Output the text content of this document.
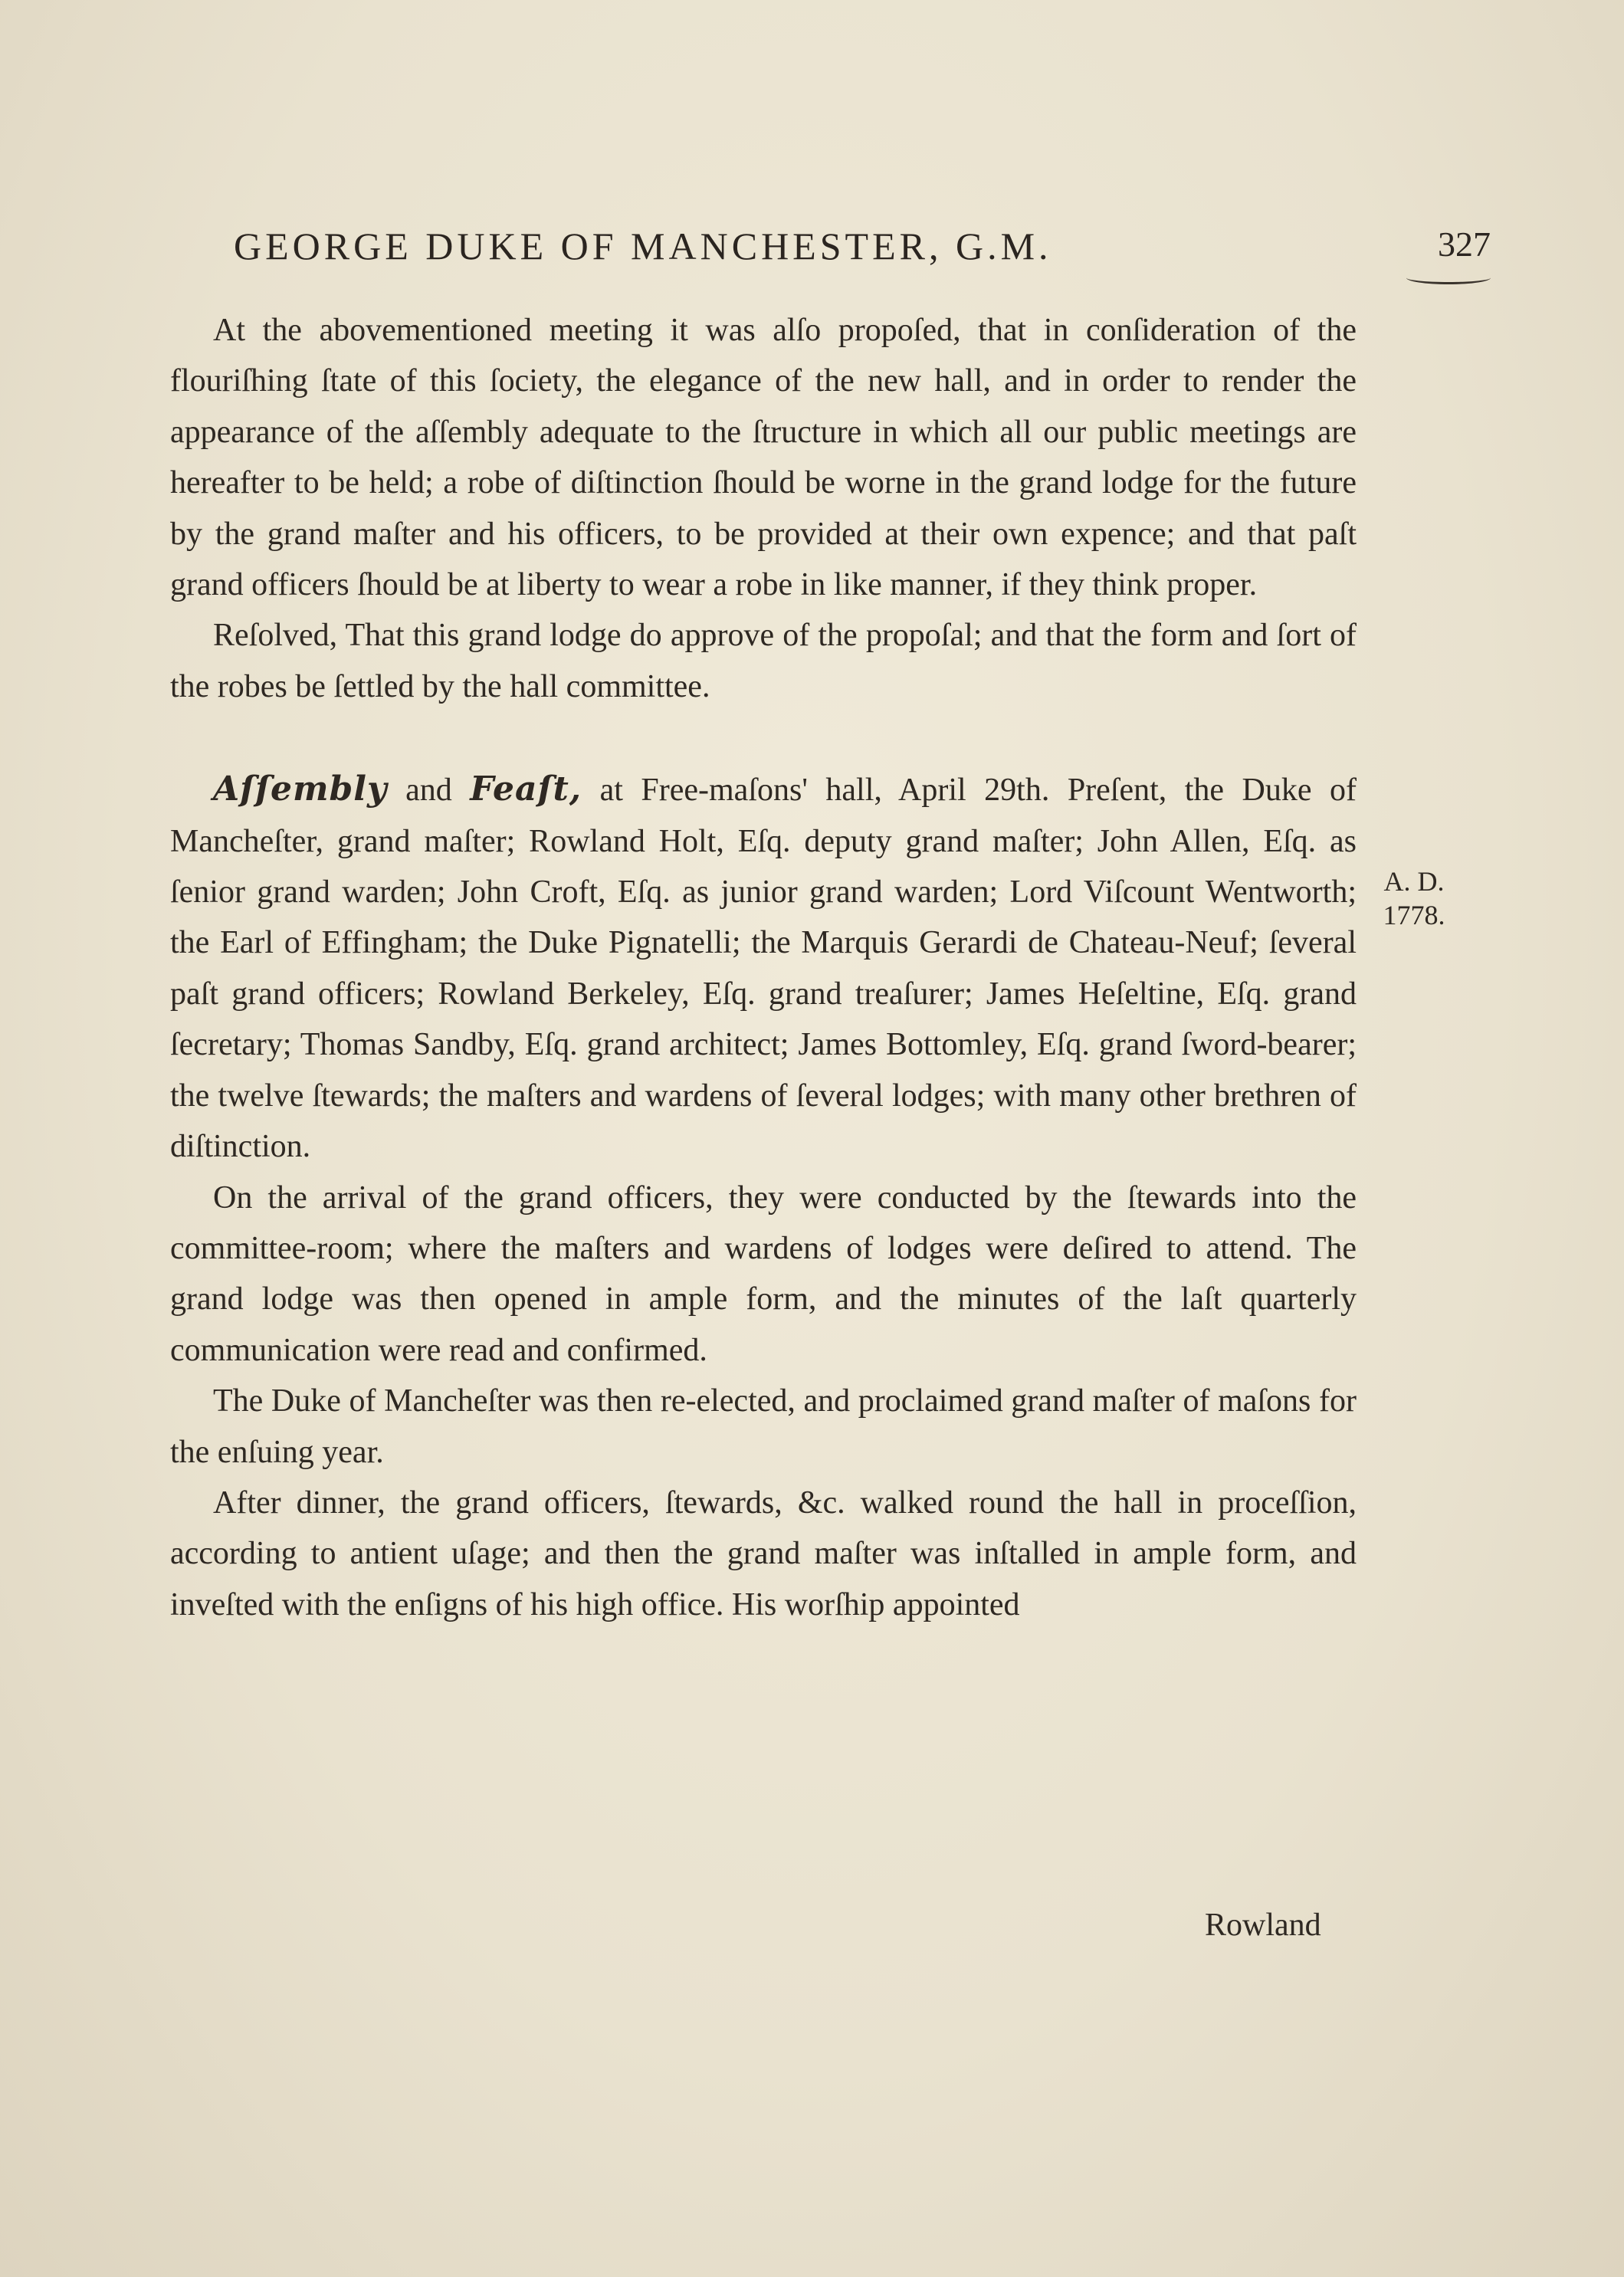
GEORGE DUKE OF MANCHESTER, G.M.	327

At the abovementioned meeting it was alſo propoſed, that in conſideration of the flouriſhing ſtate of this ſociety, the elegance of the new hall, and in order to render the appearance of the aſſembly adequate to the ſtructure in which all our public meetings are hereafter to be held; a robe of diſtinction ſhould be worne in the grand lodge for the future by the grand maſter and his officers, to be provided at their own expence; and that paſt grand officers ſhould be at liberty to wear a robe in like manner, if they think proper.

Reſolved, That this grand lodge do approve of the propoſal; and that the form and ſort of the robes be ſettled by the hall committee.

Aſſembly and Feaſt, at Free-maſons' hall, April 29th. Preſent, the Duke of Mancheſter, grand maſter; Rowland Holt, Eſq. deputy grand maſter; John Allen, Eſq. as ſenior grand warden; John Croft, Eſq. as junior grand warden; Lord Viſcount Wentworth; the Earl of Effingham; the Duke Pignatelli; the Marquis Gerardi de Chateau-Neuf; ſeveral paſt grand officers; Rowland Berkeley, Eſq. grand treaſurer; James Heſeltine, Eſq. grand ſecretary; Thomas Sandby, Eſq. grand architect; James Bottomley, Eſq. grand ſword-bearer; the twelve ſtewards; the maſters and wardens of ſeveral lodges; with many other brethren of diſtinction.

On the arrival of the grand officers, they were conducted by the ſtewards into the committee-room; where the maſters and wardens of lodges were deſired to attend. The grand lodge was then opened in ample form, and the minutes of the laſt quarterly communication were read and confirmed.

The Duke of Mancheſter was then re-elected, and proclaimed grand maſter of maſons for the enſuing year.

After dinner, the grand officers, ſtewards, &c. walked round the hall in proceſſion, according to antient uſage; and then the grand maſter was inſtalled in ample form, and inveſted with the enſigns of his high office. His worſhip appointed

A. D.
1778.
Rowland
